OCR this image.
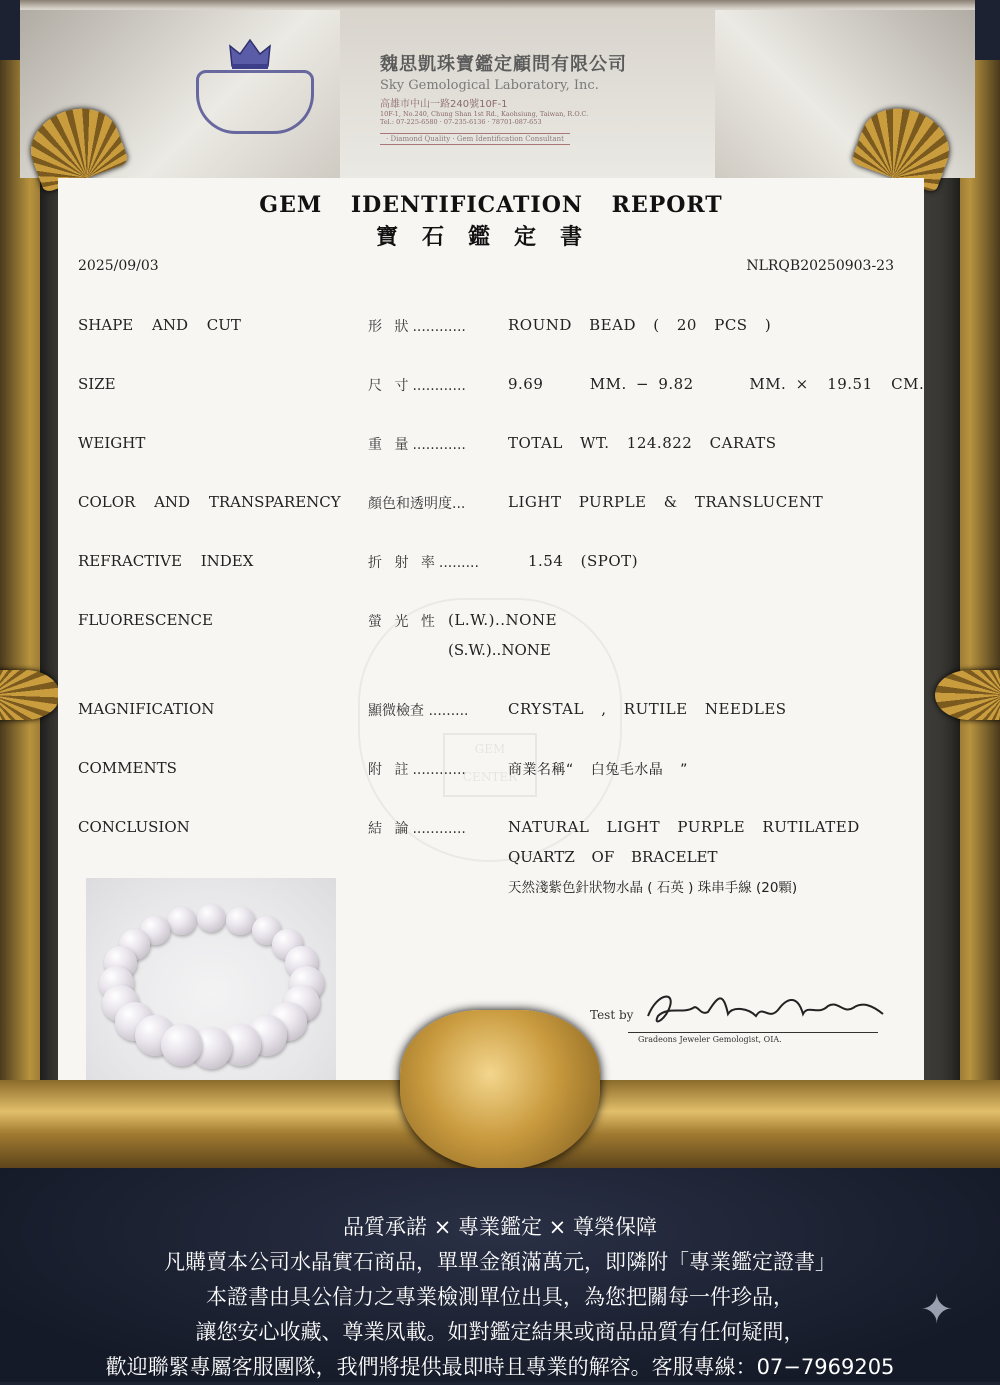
魏思凱珠寶鑑定顧問有限公司
Sky Gemological Laboratory, Inc.
高雄市中山一路240號10F-1
10F-1, No.240, Chung Shan 1st Rd., Kaohsiung, Taiwan, R.O.C.
Tel.: 07-225-6580 · 07-235-6136 · 78701-087-653
· Diamond Quality · Gem Identification Consultant
GEM
CENTER
GEM IDENTIFICATION REPORT
寶石鑑定書
2025/09/03	NLRQB20250903-23
SHAPE AND CUT	形 狀............	ROUND BEAD ( 20 PCS )
SIZE	尺 寸............	9.69     MM. − 9.82      MM. ×  19.51  CM.
WEIGHT	重 量............	TOTAL WT. 124.822 CARATS
COLOR AND TRANSPARENCY 顏色和透明度...	LIGHT PURPLE & TRANSLUCENT
REFRACTIVE INDEX	折 射 率.........	1.54 (SPOT)
FLUORESCENCE	螢 光 性 (L.W.)..NONE
(S.W.)..NONE
MAGNIFICATION	顯微檢查 .........	CRYSTAL , RUTILE NEEDLES
COMMENTS	附 註............	商業名稱“ 白兔毛水晶 ”
CONCLUSION	結 論............	NATURAL LIGHT PURPLE RUTILATED
QUARTZ OF BRACELET
天然淺紫色針狀物水晶 ( 石英 ) 珠串手線 (20顆)
Test by
Gradeons Jeweler Gemologist, OIA.
品質承諾 × 專業鑑定 × 尊榮保障
凡購賣本公司水晶實石商品，單單金額滿萬元，即隣附「專業鑑定證書」
本證書由具公信力之專業檢測單位出具，為您把關每一件珍品，
讓您安心收藏、尊業凤載。如對鑑定結果或商品品質有任何疑問，
歡迎聯緊專屬客服團隊，我們將提供最即時且專業的解容。客服專線：07−7969205
✦
